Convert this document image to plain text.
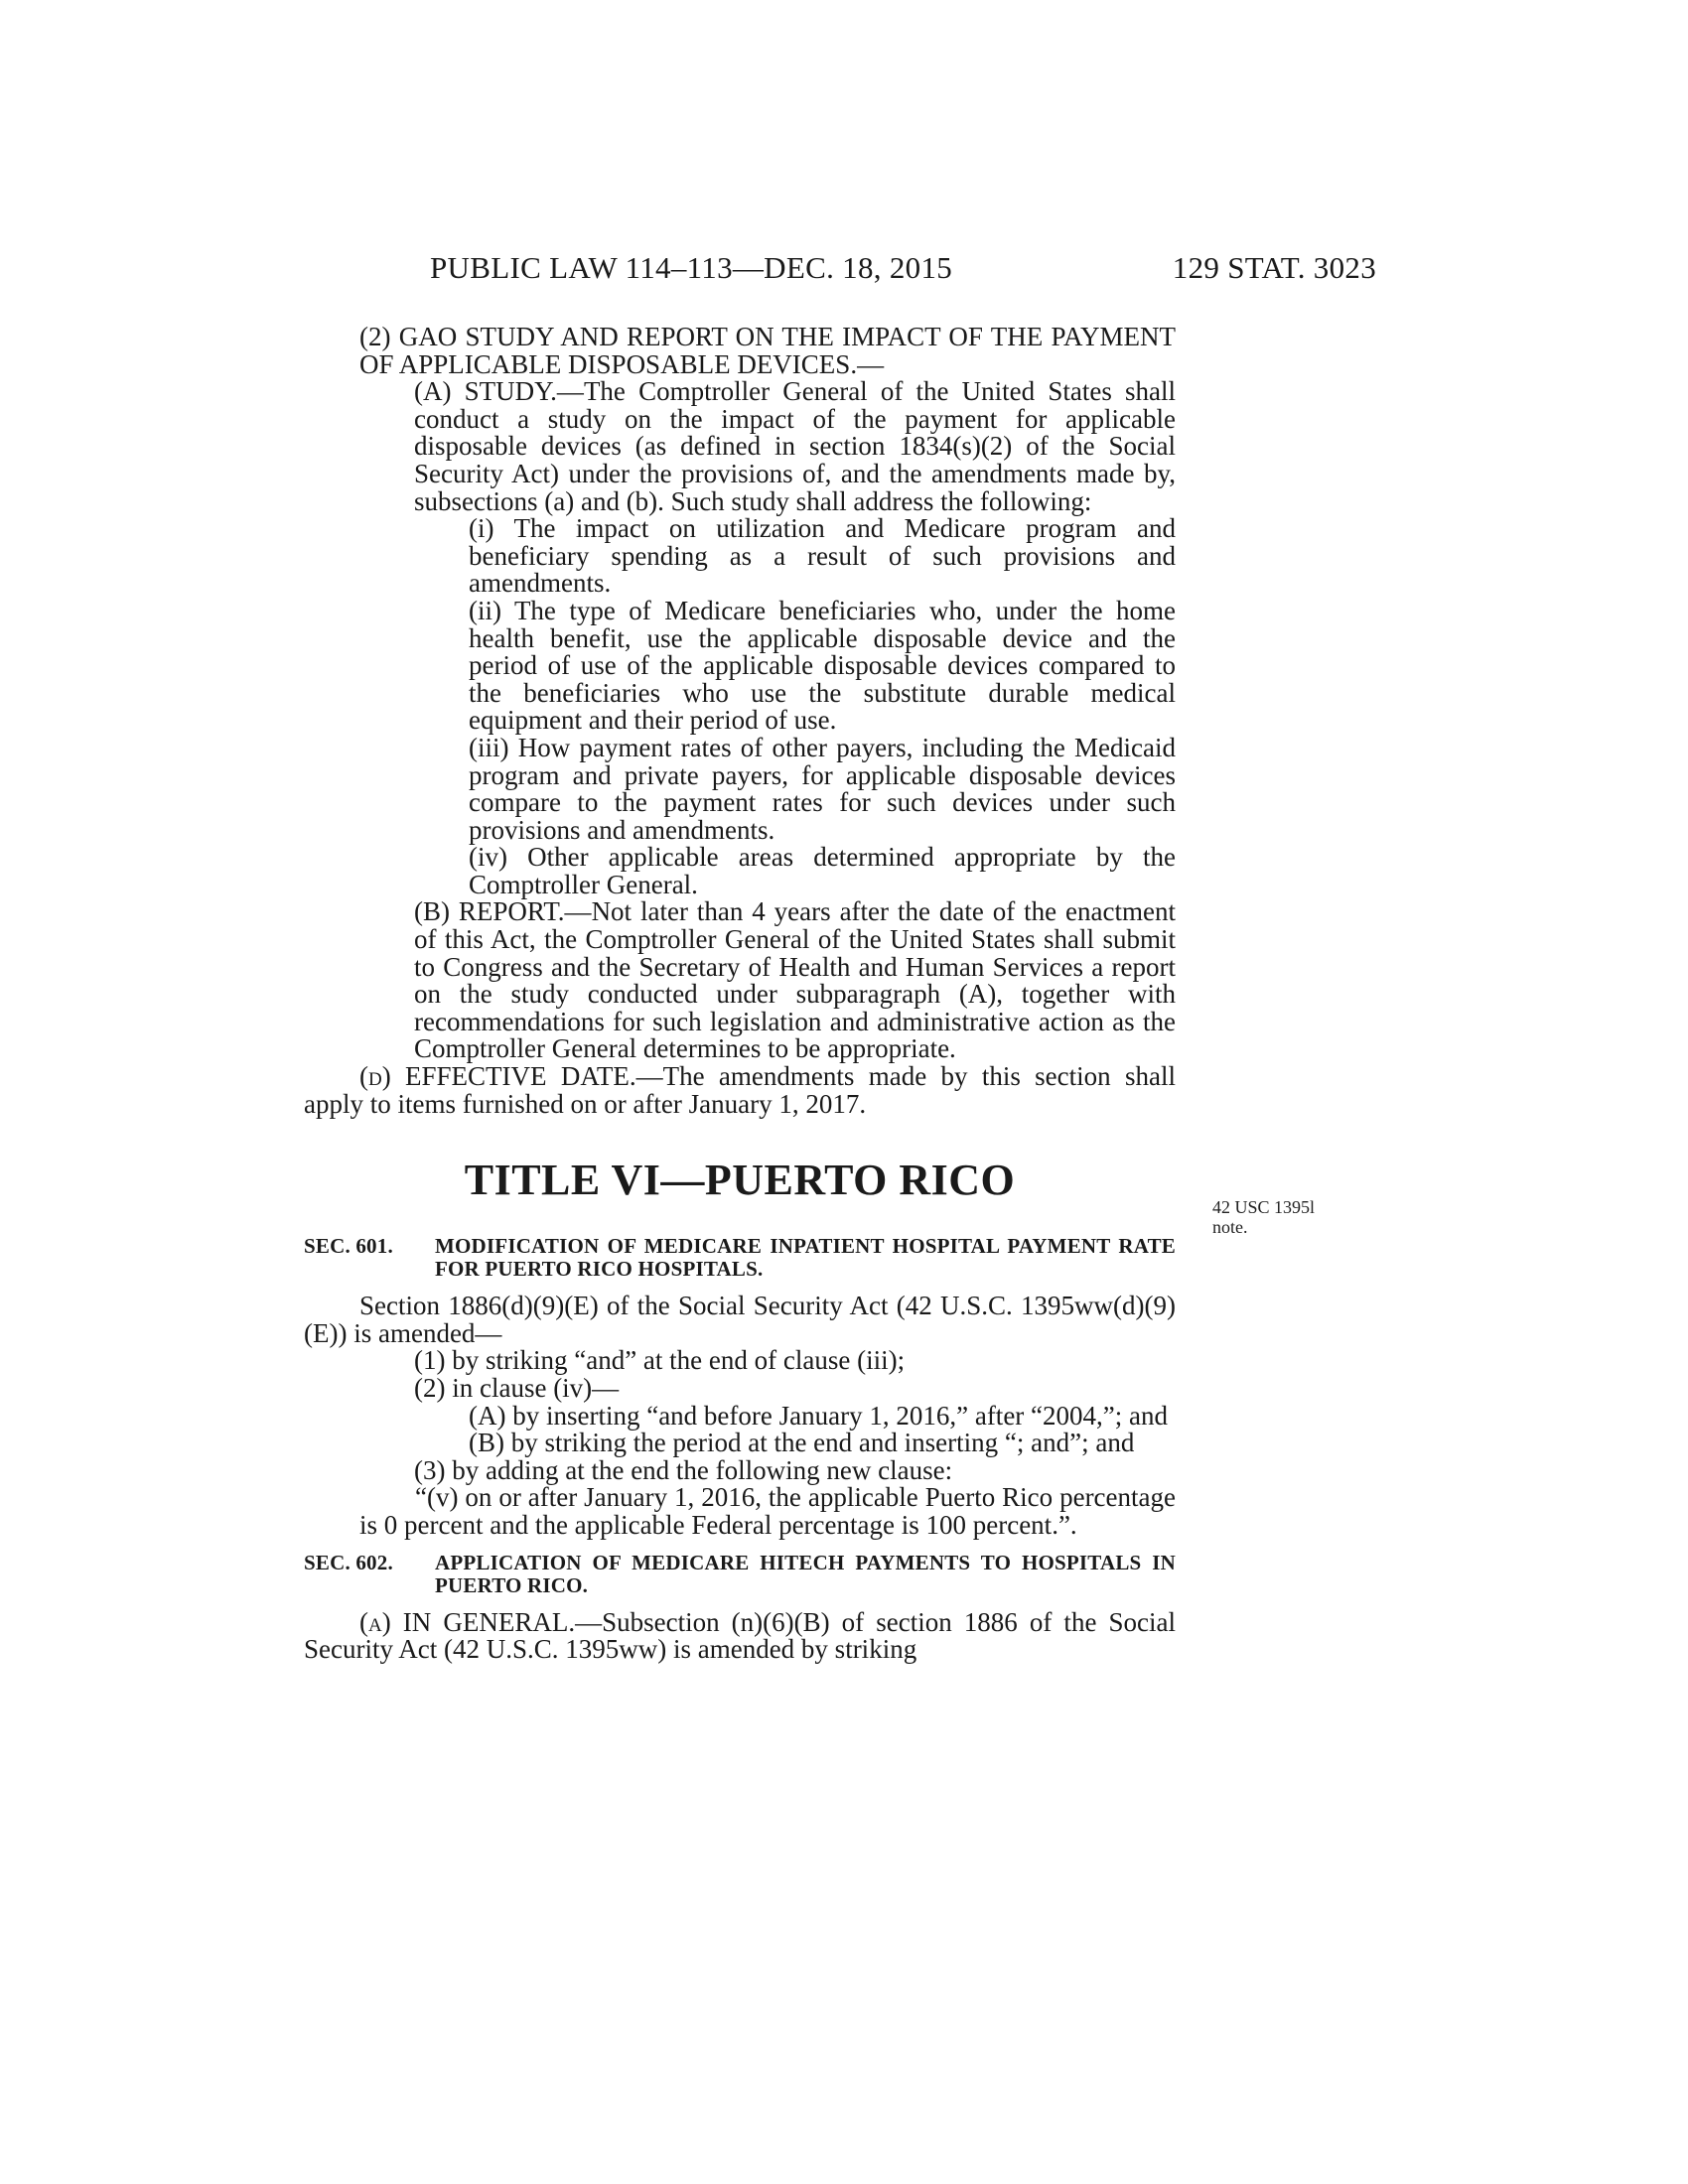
PUBLIC LAW 114–113—DEC. 18, 2015	129 STAT. 3023
42 USC 1395l
note.

(2) GAO STUDY AND REPORT ON THE IMPACT OF THE PAYMENT OF APPLICABLE DISPOSABLE DEVICES.—

(A) STUDY.—The Comptroller General of the United States shall conduct a study on the impact of the payment for applicable disposable devices (as defined in section 1834(s)(2) of the Social Security Act) under the provisions of, and the amendments made by, subsections (a) and (b). Such study shall address the following:

(i) The impact on utilization and Medicare program and beneficiary spending as a result of such provisions and amendments.

(ii) The type of Medicare beneficiaries who, under the home health benefit, use the applicable disposable device and the period of use of the applicable disposable devices compared to the beneficiaries who use the substitute durable medical equipment and their period of use.

(iii) How payment rates of other payers, including the Medicaid program and private payers, for applicable disposable devices compare to the payment rates for such devices under such provisions and amendments.

(iv) Other applicable areas determined appropriate by the Comptroller General.

(B) REPORT.—Not later than 4 years after the date of the enactment of this Act, the Comptroller General of the United States shall submit to Congress and the Secretary of Health and Human Services a report on the study conducted under subparagraph (A), together with recommendations for such legislation and administrative action as the Comptroller General determines to be appropriate.

(d) EFFECTIVE DATE.—The amendments made by this section shall apply to items furnished on or after January 1, 2017.

TITLE VI—PUERTO RICO

SEC. 601. MODIFICATION OF MEDICARE INPATIENT HOSPITAL PAYMENT RATE FOR PUERTO RICO HOSPITALS.

Section 1886(d)(9)(E) of the Social Security Act (42 U.S.C. 1395ww(d)(9)(E)) is amended—

(1) by striking “and” at the end of clause (iii);

(2) in clause (iv)—

(A) by inserting “and before January 1, 2016,” after “2004,”; and

(B) by striking the period at the end and inserting “; and”; and

(3) by adding at the end the following new clause:

“(v) on or after January 1, 2016, the applicable Puerto Rico percentage is 0 percent and the applicable Federal percentage is 100 percent.”.

SEC. 602. APPLICATION OF MEDICARE HITECH PAYMENTS TO HOSPITALS IN PUERTO RICO.

(a) IN GENERAL.—Subsection (n)(6)(B) of section 1886 of the Social Security Act (42 U.S.C. 1395ww) is amended by striking
